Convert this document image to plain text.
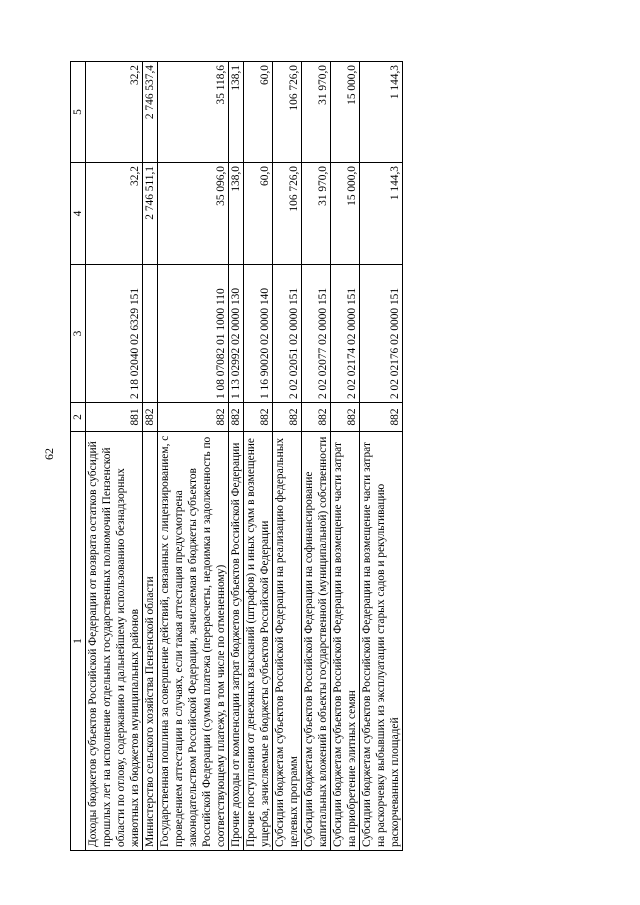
62
1	2	3	4	5
Доходы бюджетов субъектов Российской Федерации от возврата остатков субсидий прошлых лет на исполнение отдельных государственных полномочий Пензенской области по отлову, содержанию и дальнейшему использованию безнадзорных животных из бюджетов муниципальных районов	881	2 18 02040 02 6329 151	32,2	32,2
Министерство сельского хозяйства Пензенской области	882		2 746 511,1	2 746 537,4
Государственная пошлина за совершение действий, связанных с лицензированием, с проведением аттестации в случаях, если такая аттестация предусмотрена законодательством Российской Федерации, зачисляемая в бюджеты субъектов Российской Федерации (сумма платежа (перерасчеты, недоимка и задолженность по соответствующему платежу, в том числе по отмененному)	882	1 08 07082 01 1000 110	35 096,0	35 118,6
Прочие доходы от компенсации затрат бюджетов субъектов Российской Федерации	882	1 13 02992 02 0000 130	138,0	138,1
Прочие поступления от денежных взысканий (штрафов) и иных сумм в возмещение ущерба, зачисляемые в бюджеты субъектов Российской Федерации	882	1 16 90020 02 0000 140	60,0	60,0
Субсидии бюджетам субъектов Российской Федерации на реализацию федеральных целевых программ	882	2 02 02051 02 0000 151	106 726,0	106 726,0
Субсидии бюджетам субъектов Российской Федерации на софинансирование капитальных вложений в объекты государственной (муниципальной) собственности	882	2 02 02077 02 0000 151	31 970,0	31 970,0
Субсидии бюджетам субъектов Российской Федерации на возмещение части затрат на приобретение элитных семян	882	2 02 02174 02 0000 151	15 000,0	15 000,0
Субсидии бюджетам субъектов Российской Федерации на возмещение части затрат на раскорчевку выбывших из эксплуатации старых садов и рекультивацию раскорчеванных площадей	882	2 02 02176 02 0000 151	1 144,3	1 144,3
